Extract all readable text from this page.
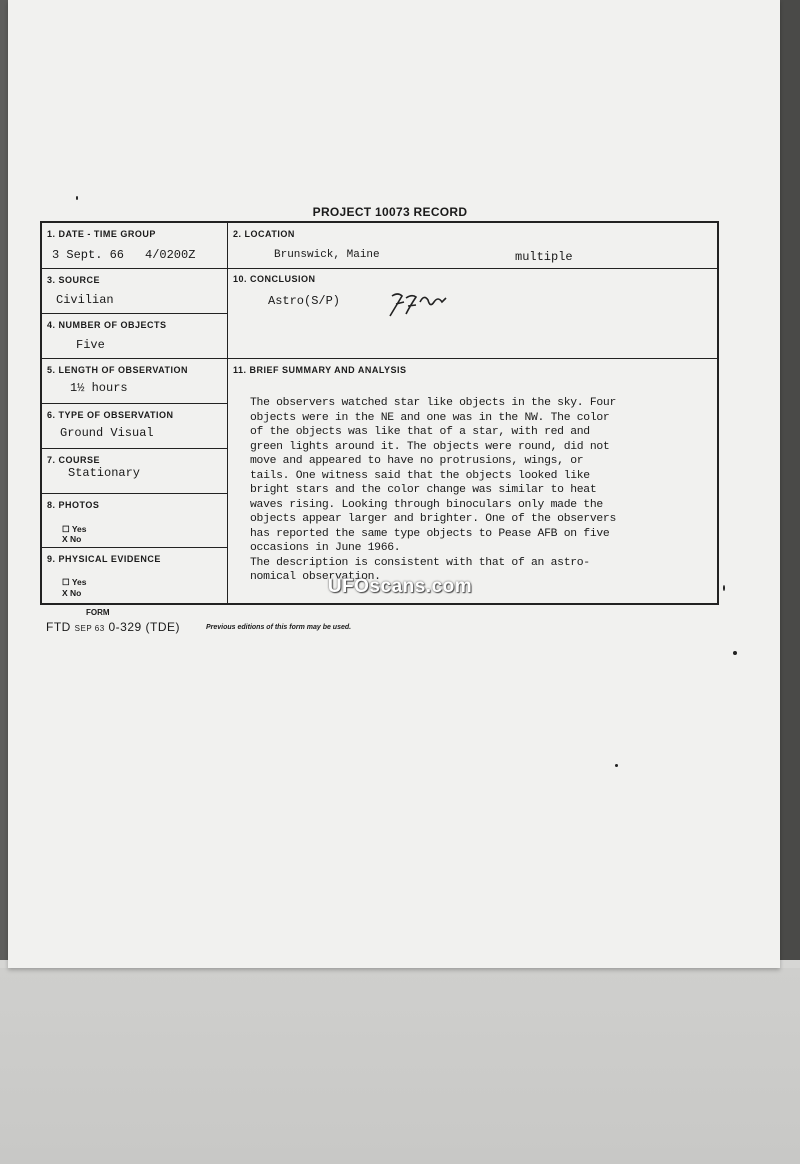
PROJECT 10073 RECORD
1. DATE - TIME GROUP
3 Sept. 66 4/0200Z
2. LOCATION
Brunswick, Maine	multiple
3. SOURCE
Civilian
10. CONCLUSION
Astro(S/P)
4. NUMBER OF OBJECTS
Five
5. LENGTH OF OBSERVATION
1½ hours
11. BRIEF SUMMARY AND ANALYSIS
6. TYPE OF OBSERVATION
Ground Visual
7. COURSE
Stationary
8. PHOTOS
☐ Yes
X No
9. PHYSICAL EVIDENCE
☐ Yes
X No
The observers watched star like objects in the sky. Four
objects were in the NE and one was in the NW. The color
of the objects was like that of a star, with red and
green lights around it. The objects were round, did not
move and appeared to have no protrusions, wings, or
tails. One witness said that the objects looked like
bright stars and the color change was similar to heat
waves rising. Looking through binoculars only made the
objects appear larger and brighter. One of the observers
has reported the same type objects to Pease AFB on five
occasions in June 1966.
The description is consistent with that of an astro-
nomical observation.
UFOscans.com
FORM
FTD SEP 63 0-329 (TDE)	Previous editions of this form may be used.
